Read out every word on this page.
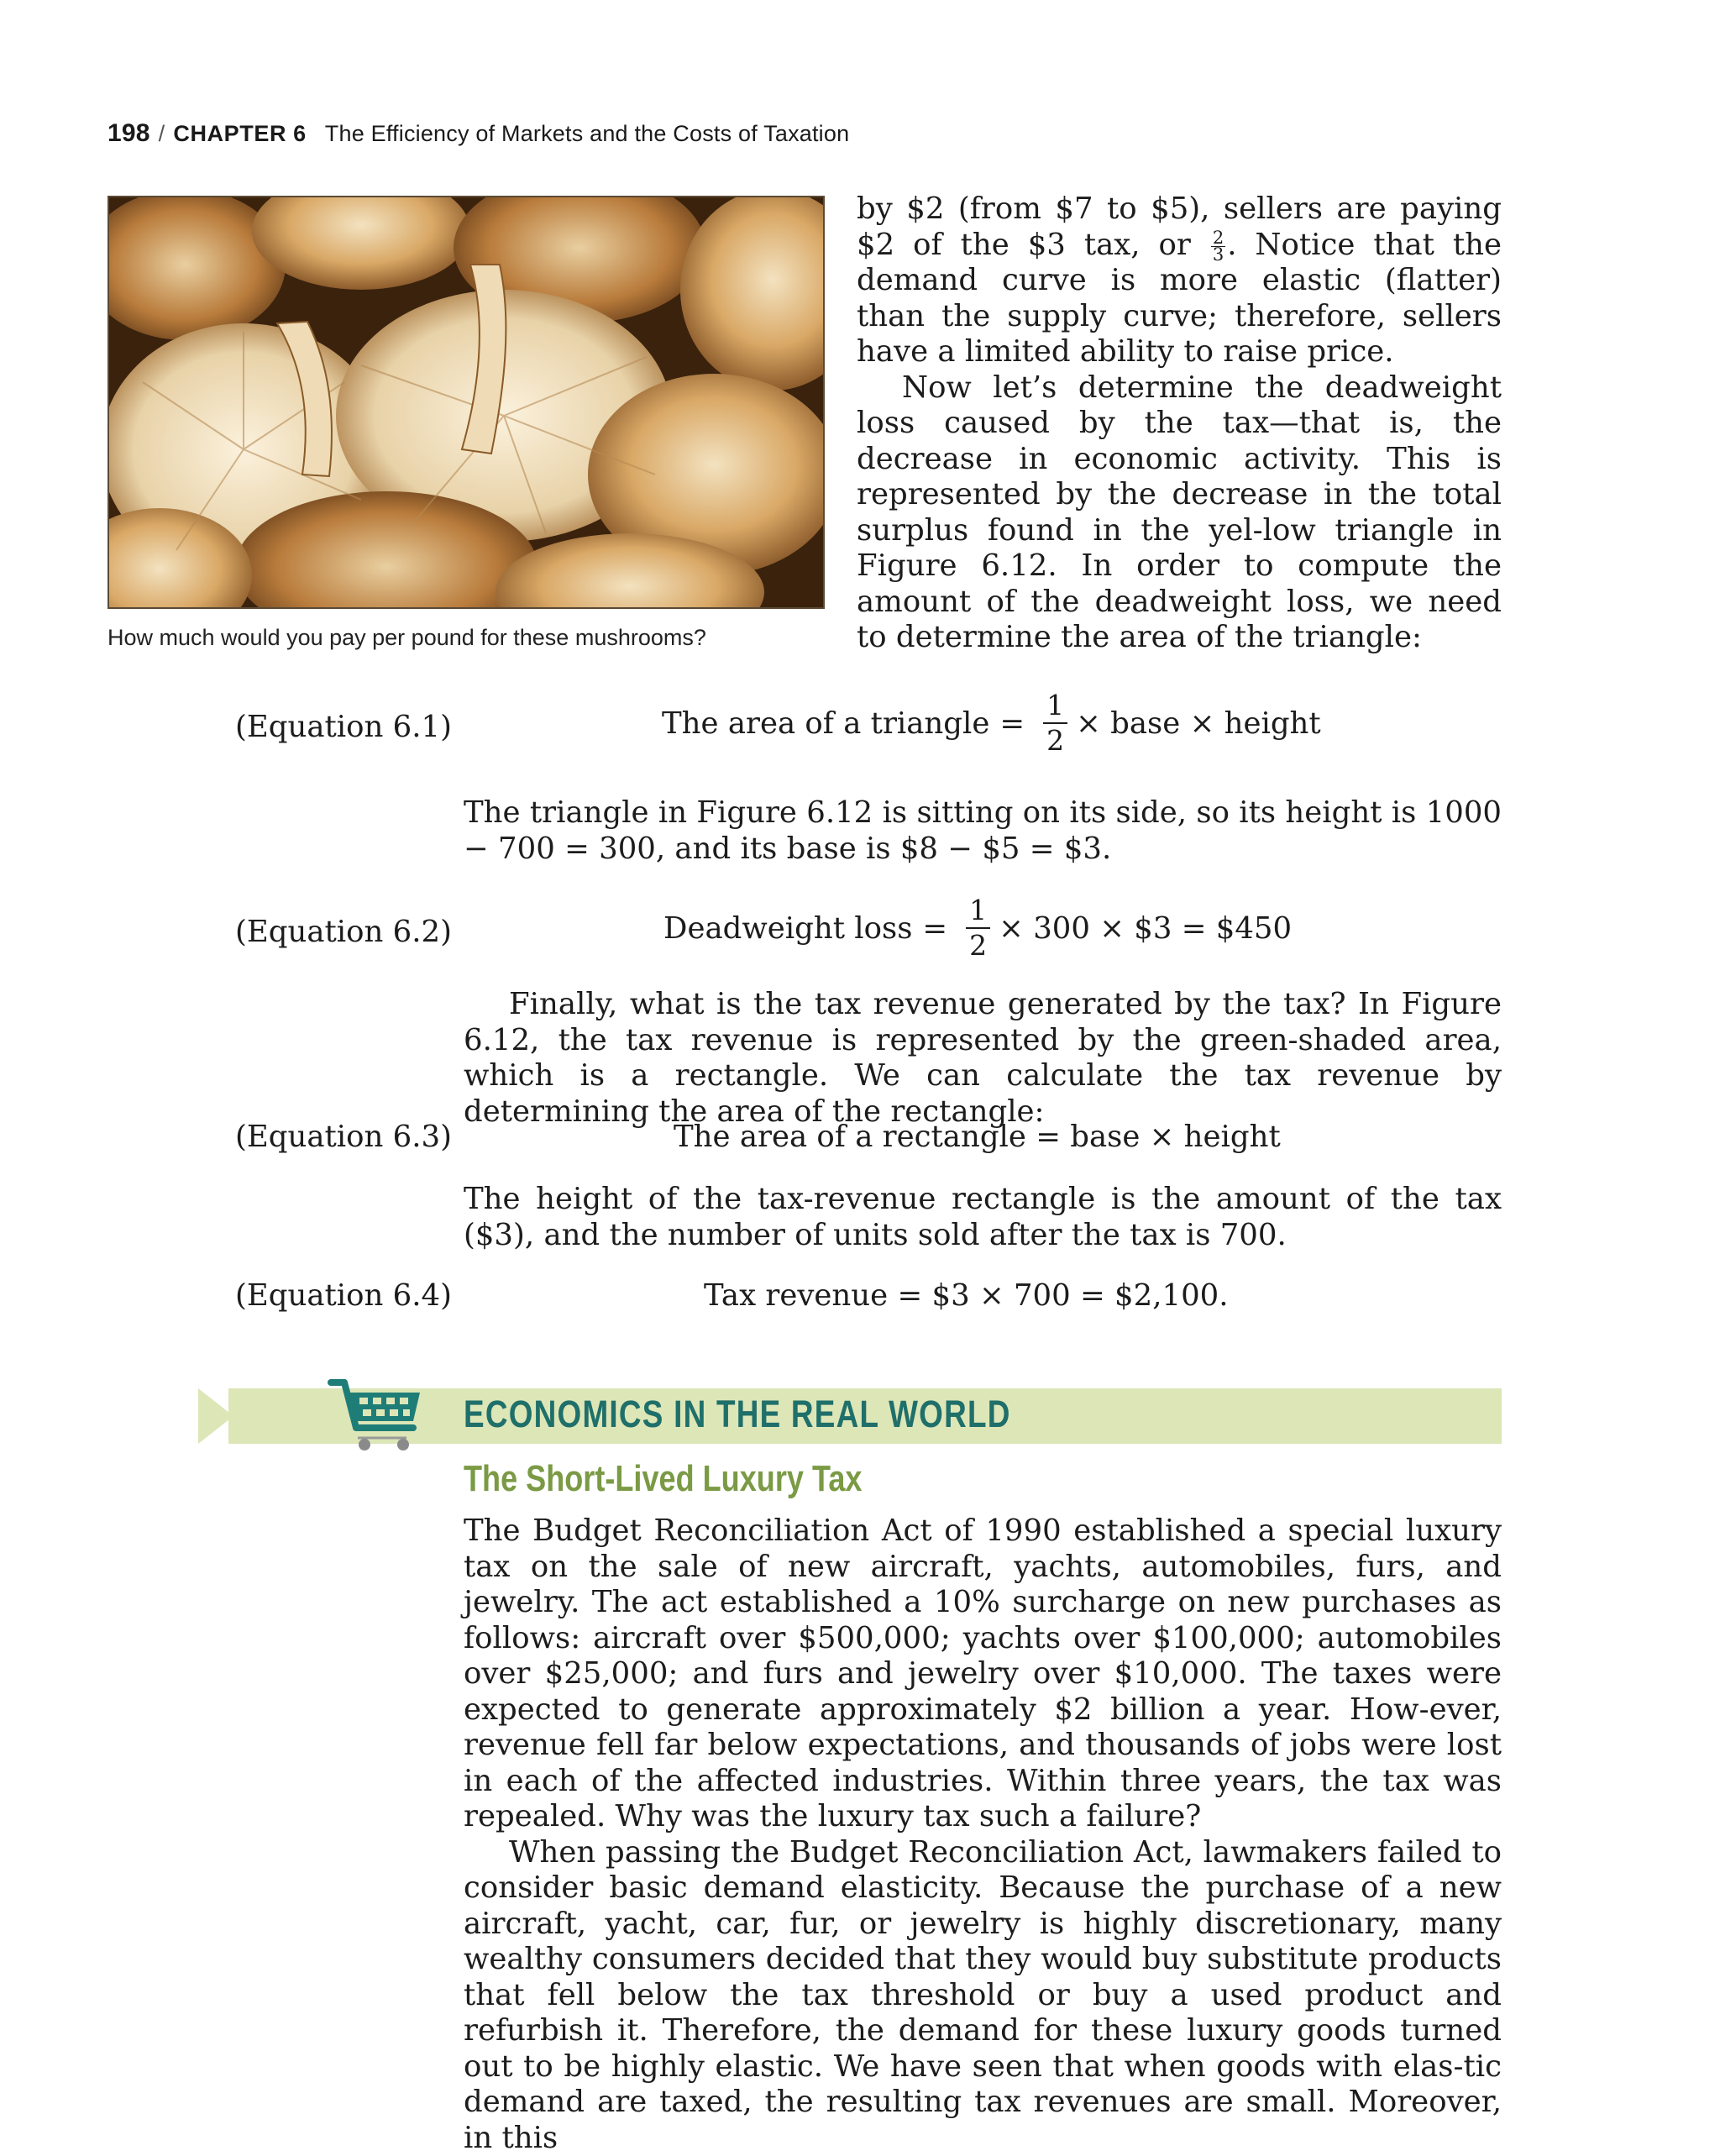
198 / CHAPTER 6 The Efficiency of Markets and the Costs of Taxation
How much would you pay per pound for these mushrooms?

by $2 (from $7 to $5), sellers are paying $2 of the $3 tax, or $\frac{2}{3}$ . Notice that the demand curve is more elastic (flatter) than the supply curve; therefore, sellers have a limited ability to raise price.

Now let’s determine the deadweight loss caused by the tax—that is, the decrease in economic activity. This is represented by the decrease in the total surplus found in the yel-low triangle in Figure 6.12. In order to compute the amount of the deadweight loss, we need to determine the area of the triangle:

(Equation 6.1)	The area of a triangle = $\frac{1}{2}$ × base × height

The triangle in Figure 6.12 is sitting on its side, so its height is 1000 − 700 = 300, and its base is $8 − $5 = $3.

(Equation 6.2)	Deadweight loss = $\frac{1}{2} \times 300$ × $3 = $450

Finally, what is the tax revenue generated by the tax? In Figure 6.12, the tax revenue is represented by the green-shaded area, which is a rectangle. We can calculate the tax revenue by determining the area of the rectangle:

(Equation 6.3)	The area of a rectangle = base × height

The height of the tax-revenue rectangle is the amount of the tax ($3), and the number of units sold after the tax is 700.

(Equation 6.4)	Tax revenue = $3 × 700 = $2,100.
ECONOMICS IN THE REAL WORLD
The Short-Lived Luxury Tax

The Budget Reconciliation Act of 1990 established a special luxury tax on the sale of new aircraft, yachts, automobiles, furs, and jewelry. The act established a 10% surcharge on new purchases as follows: aircraft over $500,000; yachts over $100,000; automobiles over $25,000; and furs and jewelry over $10,000. The taxes were expected to generate approximately $2 billion a year. How-ever, revenue fell far below expectations, and thousands of jobs were lost in each of the affected industries. Within three years, the tax was repealed. Why was the luxury tax such a failure?

When passing the Budget Reconciliation Act, lawmakers failed to consider basic demand elasticity. Because the purchase of a new aircraft, yacht, car, fur, or jewelry is highly discretionary, many wealthy consumers decided that they would buy substitute products that fell below the tax threshold or buy a used product and refurbish it. Therefore, the demand for these luxury goods turned out to be highly elastic. We have seen that when goods with elas-tic demand are taxed, the resulting tax revenues are small. Moreover, in this
